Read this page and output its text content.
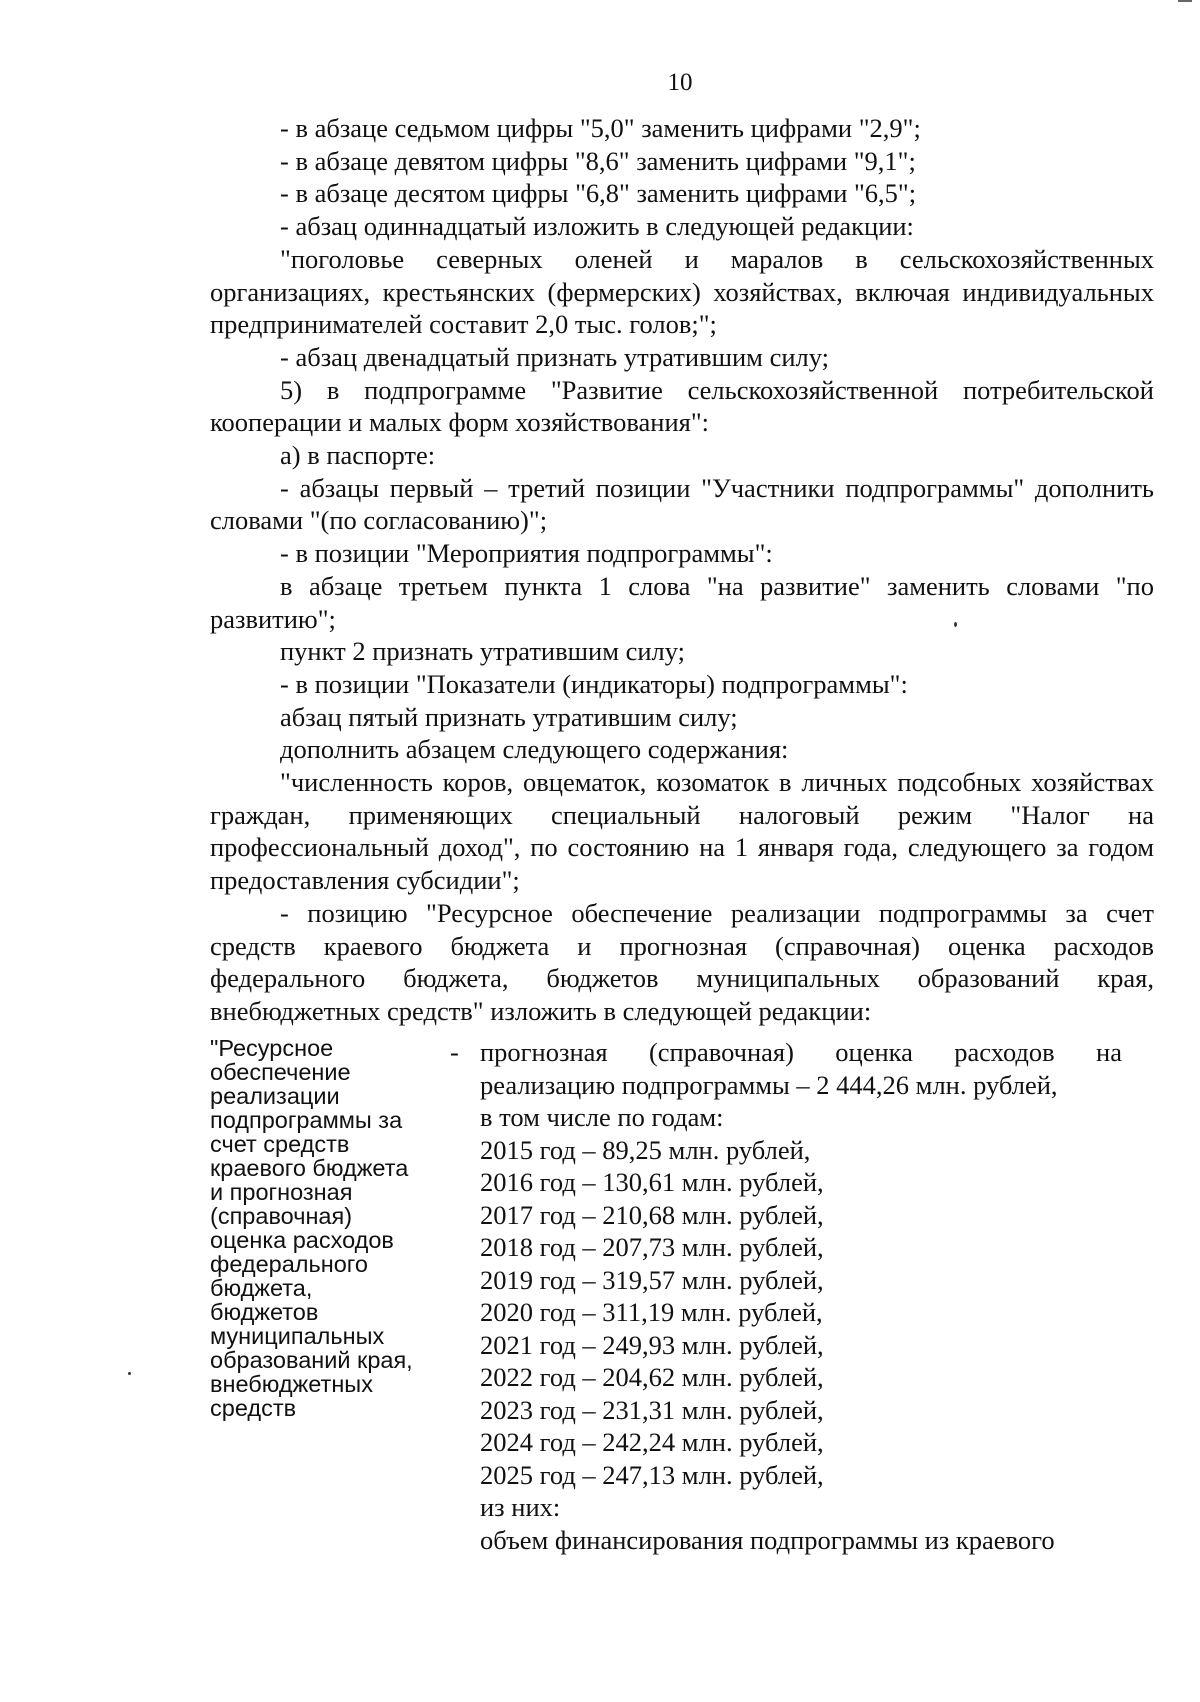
10

- в абзаце седьмом цифры "5,0" заменить цифрами "2,9";

- в абзаце девятом цифры "8,6" заменить цифрами "9,1";

- в абзаце десятом цифры "6,8" заменить цифрами "6,5";

- абзац одиннадцатый изложить в следующей редакции:

"поголовье северных оленей и маралов в сельскохозяйственных организациях, крестьянских (фермерских) хозяйствах, включая индивидуальных предпринимателей составит 2,0 тыс. голов;";

- абзац двенадцатый признать утратившим силу;

5) в подпрограмме "Развитие сельскохозяйственной потребительской кооперации и малых форм хозяйствования":

а) в паспорте:

- абзацы первый – третий позиции "Участники подпрограммы" дополнить словами "(по согласованию)";

- в позиции "Мероприятия подпрограммы":

в абзаце третьем пункта 1 слова "на развитие" заменить словами "по развитию";

пункт 2 признать утратившим силу;

- в позиции "Показатели (индикаторы) подпрограммы":

абзац пятый признать утратившим силу;

дополнить абзацем следующего содержания:

"численность коров, овцематок, козоматок в личных подсобных хозяйствах граждан, применяющих специальный налоговый режим "Налог на профессиональный доход", по состоянию на 1 января года, следующего за годом предоставления субсидии";

- позицию "Ресурсное обеспечение реализации подпрограммы за счет средств краевого бюджета и прогнозная (справочная) оценка расходов федерального бюджета, бюджетов муниципальных образований края, внебюджетных средств" изложить в следующей редакции:

"Ресурсное
обеспечение
реализации
подпрограммы за
счет средств
краевого бюджета
и прогнозная
(справочная)
оценка расходов
федерального
бюджета,
бюджетов
муниципальных
образований края,
внебюджетных
средств
- прогнозная (справочная) оценка расходов на
реализацию подпрограммы – 2 444,26 млн. рублей,
в том числе по годам:
2015 год – 89,25 млн. рублей,
2016 год – 130,61 млн. рублей,
2017 год – 210,68 млн. рублей,
2018 год – 207,73 млн. рублей,
2019 год – 319,57 млн. рублей,
2020 год – 311,19 млн. рублей,
2021 год – 249,93 млн. рублей,
2022 год – 204,62 млн. рублей,
2023 год – 231,31 млн. рублей,
2024 год – 242,24 млн. рублей,
2025 год – 247,13 млн. рублей,
из них:
объем финансирования подпрограммы из краевого
